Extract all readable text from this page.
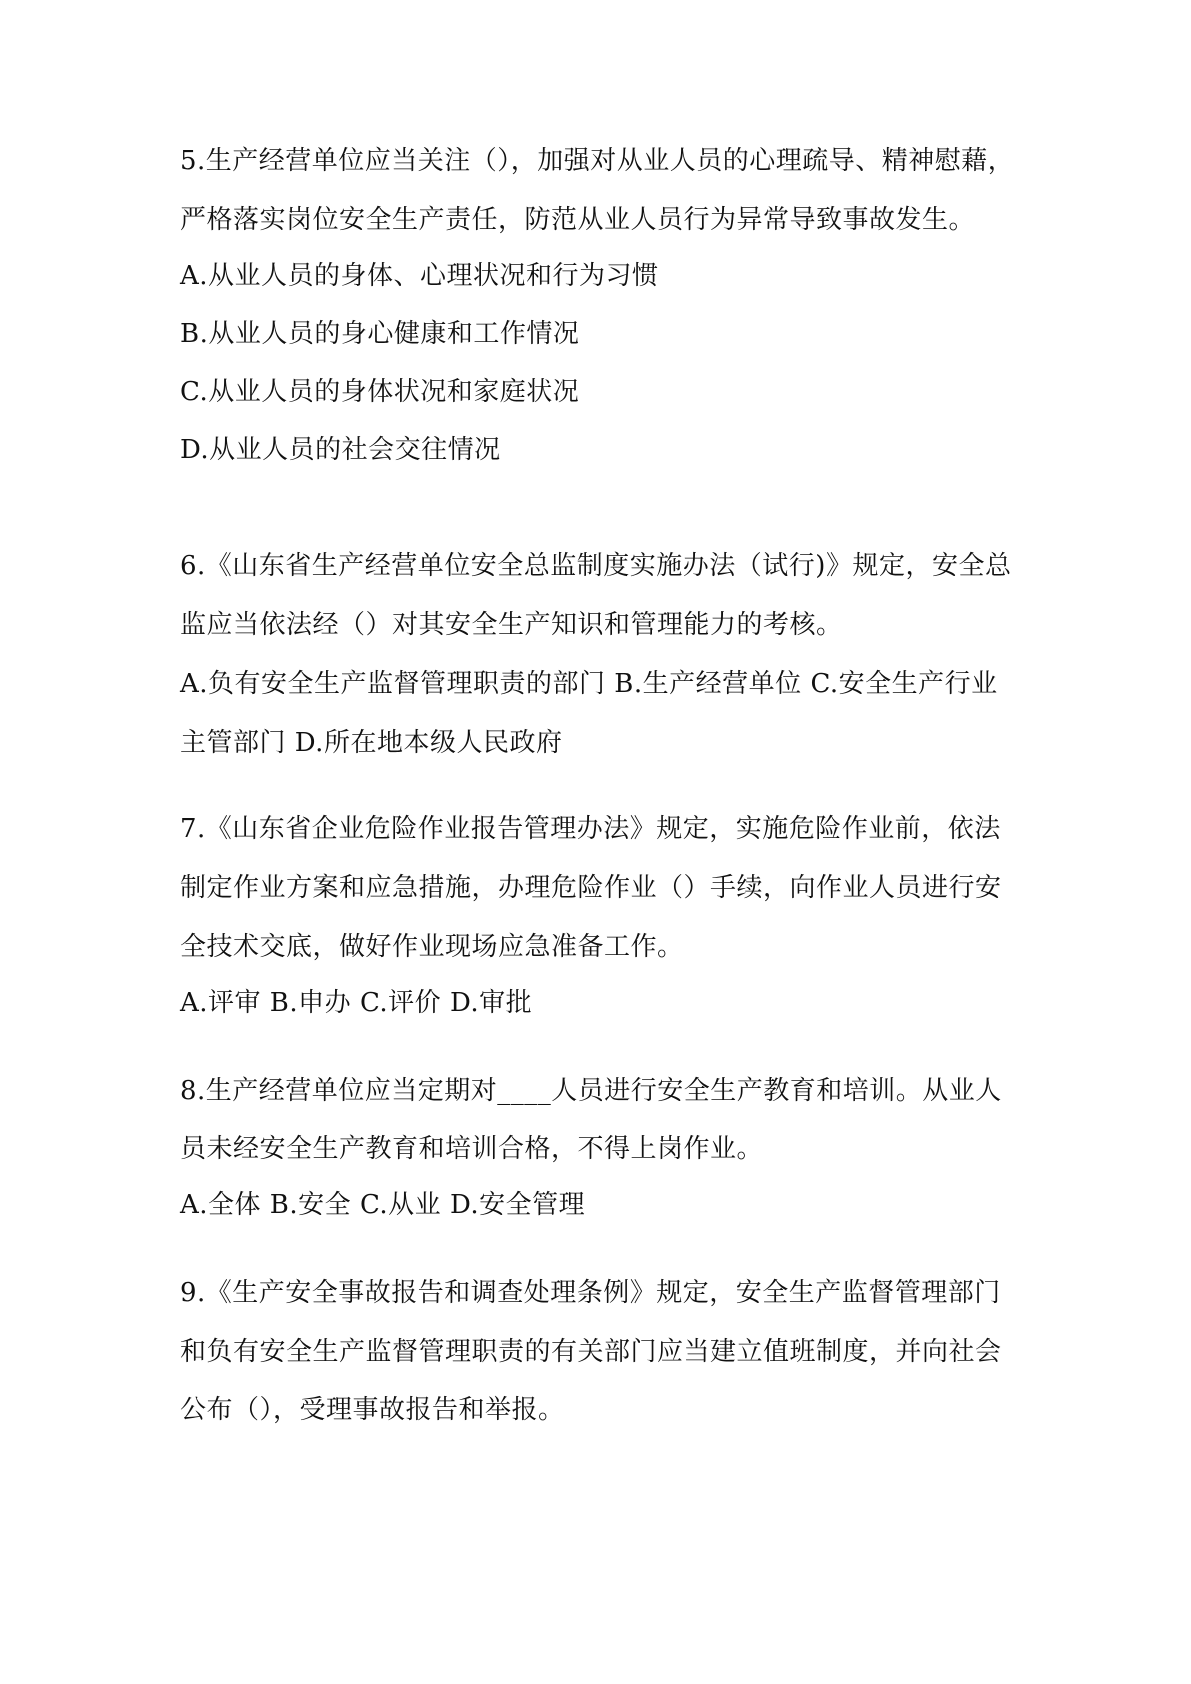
5.生产经营单位应当关注（），加强对从业人员的心理疏导、精神慰藉，
严格落实岗位安全生产责任，防范从业人员行为异常导致事故发生。
A.从业人员的身体、心理状况和行为习惯
B.从业人员的身心健康和工作情况
C.从业人员的身体状况和家庭状况
D.从业人员的社会交往情况
6.《山东省生产经营单位安全总监制度实施办法（试行)》规定，安全总
监应当依法经（）对其安全生产知识和管理能力的考核。
A.负有安全生产监督管理职责的部门 B.生产经营单位 C.安全生产行业
主管部门 D.所在地本级人民政府
7.《山东省企业危险作业报告管理办法》规定，实施危险作业前，依法
制定作业方案和应急措施，办理危险作业（）手续，向作业人员进行安
全技术交底，做好作业现场应急准备工作。
A.评审 B.申办 C.评价 D.审批
8.生产经营单位应当定期对____人员进行安全生产教育和培训。从业人
员未经安全生产教育和培训合格，不得上岗作业。
A.全体 B.安全 C.从业 D.安全管理
9.《生产安全事故报告和调查处理条例》规定，安全生产监督管理部门
和负有安全生产监督管理职责的有关部门应当建立值班制度，并向社会
公布（），受理事故报告和举报。
